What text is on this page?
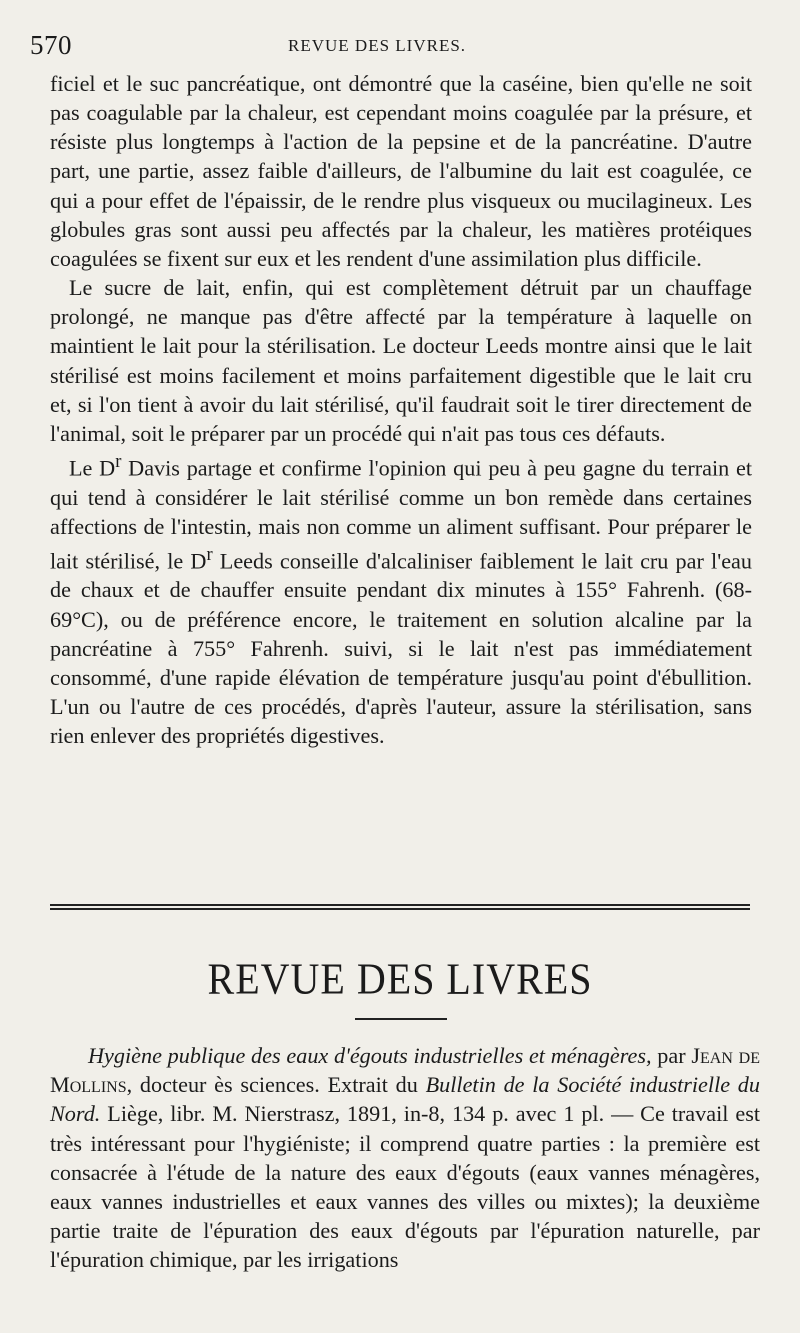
570	REVUE DES LIVRES.

ficiel et le suc pancréatique, ont démontré que la caséine, bien qu'elle ne soit pas coagulable par la chaleur, est cependant moins coagulée par la présure, et résiste plus longtemps à l'action de la pepsine et de la pancréatine. D'autre part, une partie, assez faible d'ailleurs, de l'albumine du lait est coagulée, ce qui a pour effet de l'épaissir, de le rendre plus visqueux ou mucilagineux. Les globules gras sont aussi peu affectés par la chaleur, les matières protéiques coagulées se fixent sur eux et les rendent d'une assimilation plus difficile.

Le sucre de lait, enfin, qui est complètement détruit par un chauffage prolongé, ne manque pas d'être affecté par la température à laquelle on maintient le lait pour la stérilisation. Le docteur Leeds montre ainsi que le lait stérilisé est moins facilement et moins parfaitement digestible que le lait cru et, si l'on tient à avoir du lait stérilisé, qu'il faudrait soit le tirer directement de l'animal, soit le préparer par un procédé qui n'ait pas tous ces défauts.

Le $D^r$ Davis partage et confirme l'opinion qui peu à peu gagne du terrain et qui tend à considérer le lait stérilisé comme un bon remède dans certaines affections de l'intestin, mais non comme un aliment suffisant. Pour préparer le lait stérilisé, le $D^r$ Leeds conseille d'alcaliniser faiblement le lait cru par l'eau de chaux et de chauffer ensuite pendant dix minutes à 155° Fahrenh. (68-69°C), ou de préférence encore, le traitement en solution alcaline par la pancréatine à 755° Fahrenh. suivi, si le lait n'est pas immédiatement consommé, d'une rapide élévation de température jusqu'au point d'ébullition. L'un ou l'autre de ces procédés, d'après l'auteur, assure la stérilisation, sans rien enlever des propriétés digestives.

REVUE DES LIVRES

Hygiène publique des eaux d'égouts industrielles et ménagères, par Jean de Mollins, docteur ès sciences. Extrait du Bulletin de la Société industrielle du Nord. Liège, libr. M. Nierstrasz, 1891, in-8, 134 p. avec 1 pl. — Ce travail est très intéressant pour l'hygiéniste; il comprend quatre parties : la première est consacrée à l'étude de la nature des eaux d'égouts (eaux vannes ménagères, eaux vannes industrielles et eaux vannes des villes ou mixtes); la deuxième partie traite de l'épuration des eaux d'égouts par l'épuration naturelle, par l'épuration chimique, par les irrigations
